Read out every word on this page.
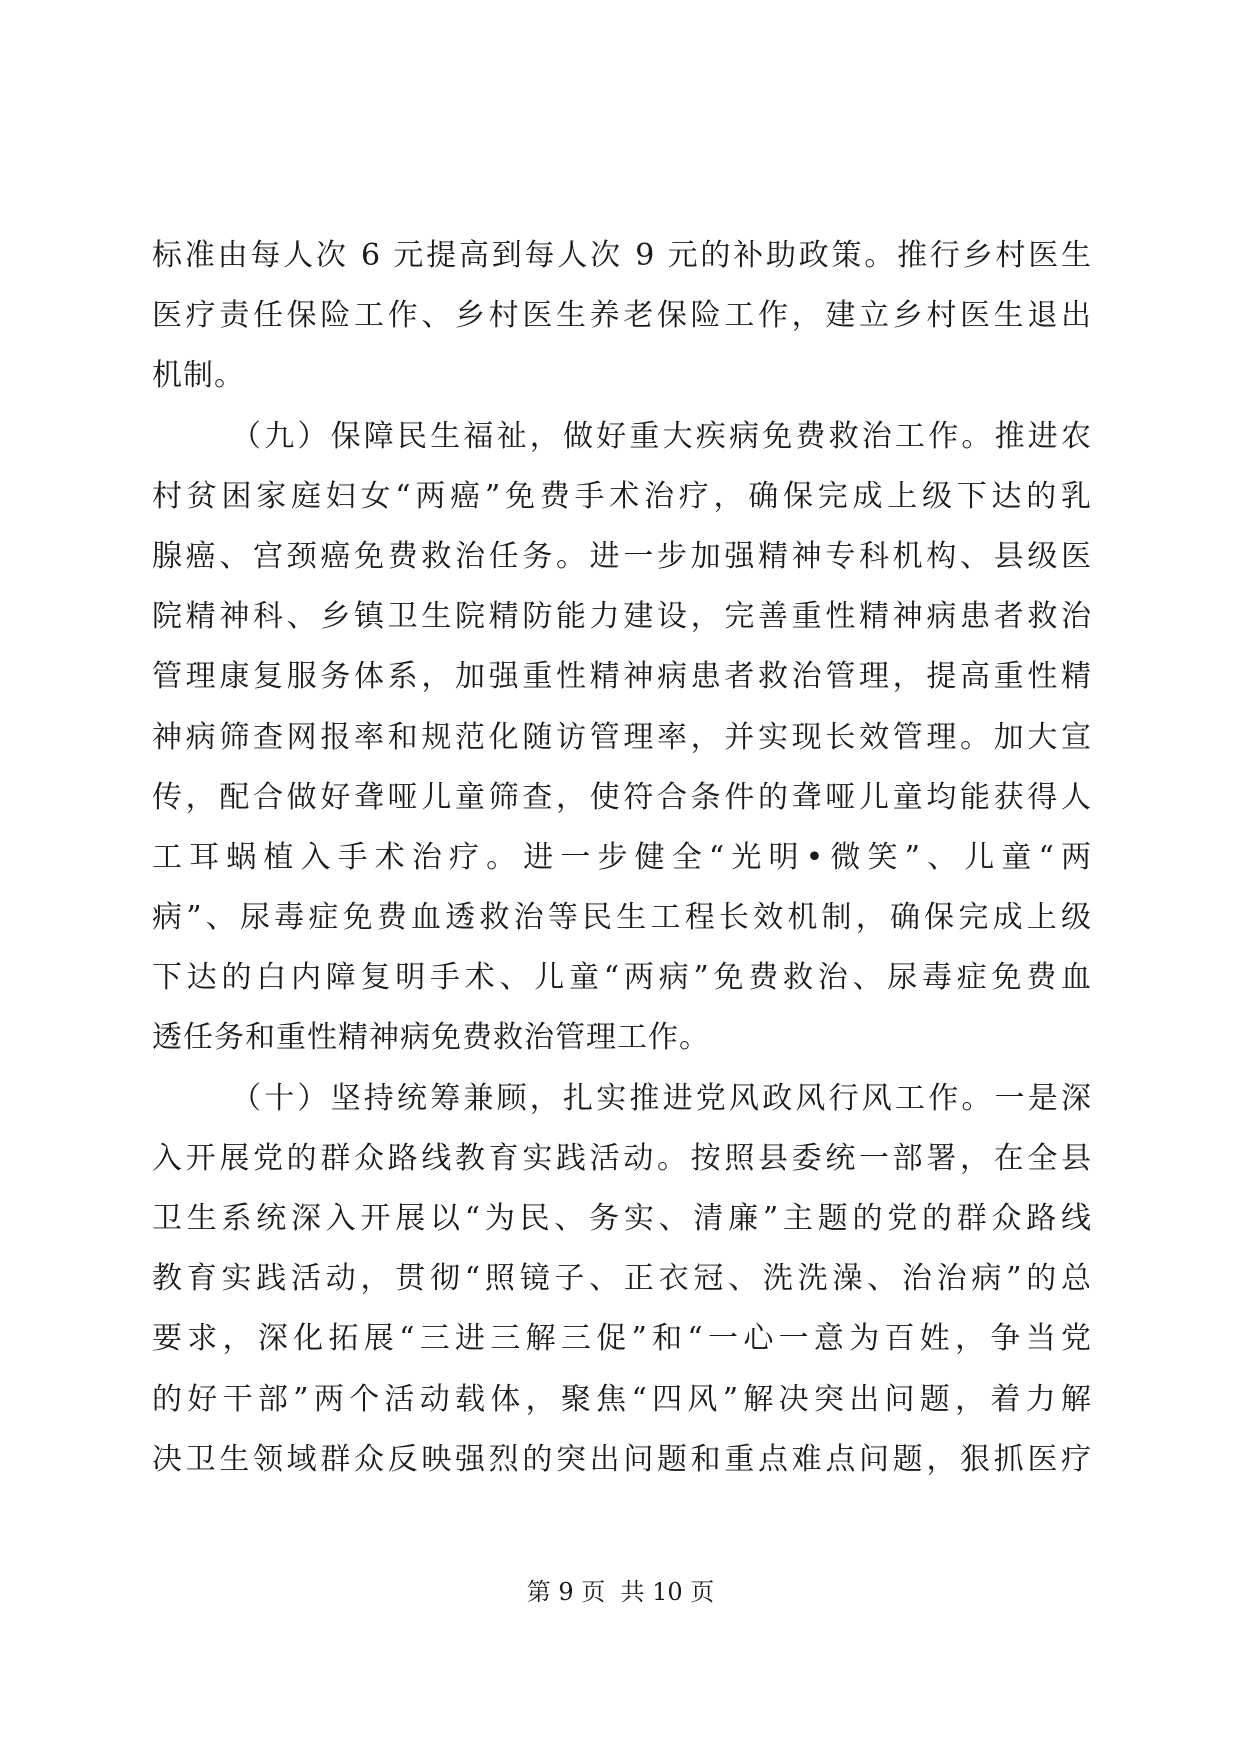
标准由每人次 6 元提高到每人次 9 元的补助政策。推行乡村医生
医疗责任保险工作、乡村医生养老保险工作，建立乡村医生退出
机制。
（九）保障民生福祉，做好重大疾病免费救治工作。推进农
村贫困家庭妇女“两癌”免费手术治疗，确保完成上级下达的乳
腺癌、宫颈癌免费救治任务。进一步加强精神专科机构、县级医
院精神科、乡镇卫生院精防能力建设，完善重性精神病患者救治
管理康复服务体系，加强重性精神病患者救治管理，提高重性精
神病筛查网报率和规范化随访管理率，并实现长效管理。加大宣
传，配合做好聋哑儿童筛查，使符合条件的聋哑儿童均能获得人
工耳蜗植入手术治疗。进一步健全“光明•微笑”、儿童“两
病”、尿毒症免费血透救治等民生工程长效机制，确保完成上级
下达的白内障复明手术、儿童“两病”免费救治、尿毒症免费血
透任务和重性精神病免费救治管理工作。
（十）坚持统筹兼顾，扎实推进党风政风行风工作。一是深
入开展党的群众路线教育实践活动。按照县委统一部署，在全县
卫生系统深入开展以“为民、务实、清廉”主题的党的群众路线
教育实践活动，贯彻“照镜子、正衣冠、洗洗澡、治治病”的总
要求，深化拓展“三进三解三促”和“一心一意为百姓，争当党
的好干部”两个活动载体，聚焦“四风”解决突出问题，着力解
决卫生领域群众反映强烈的突出问题和重点难点问题，狠抓医疗
第 9 页  共 10 页
